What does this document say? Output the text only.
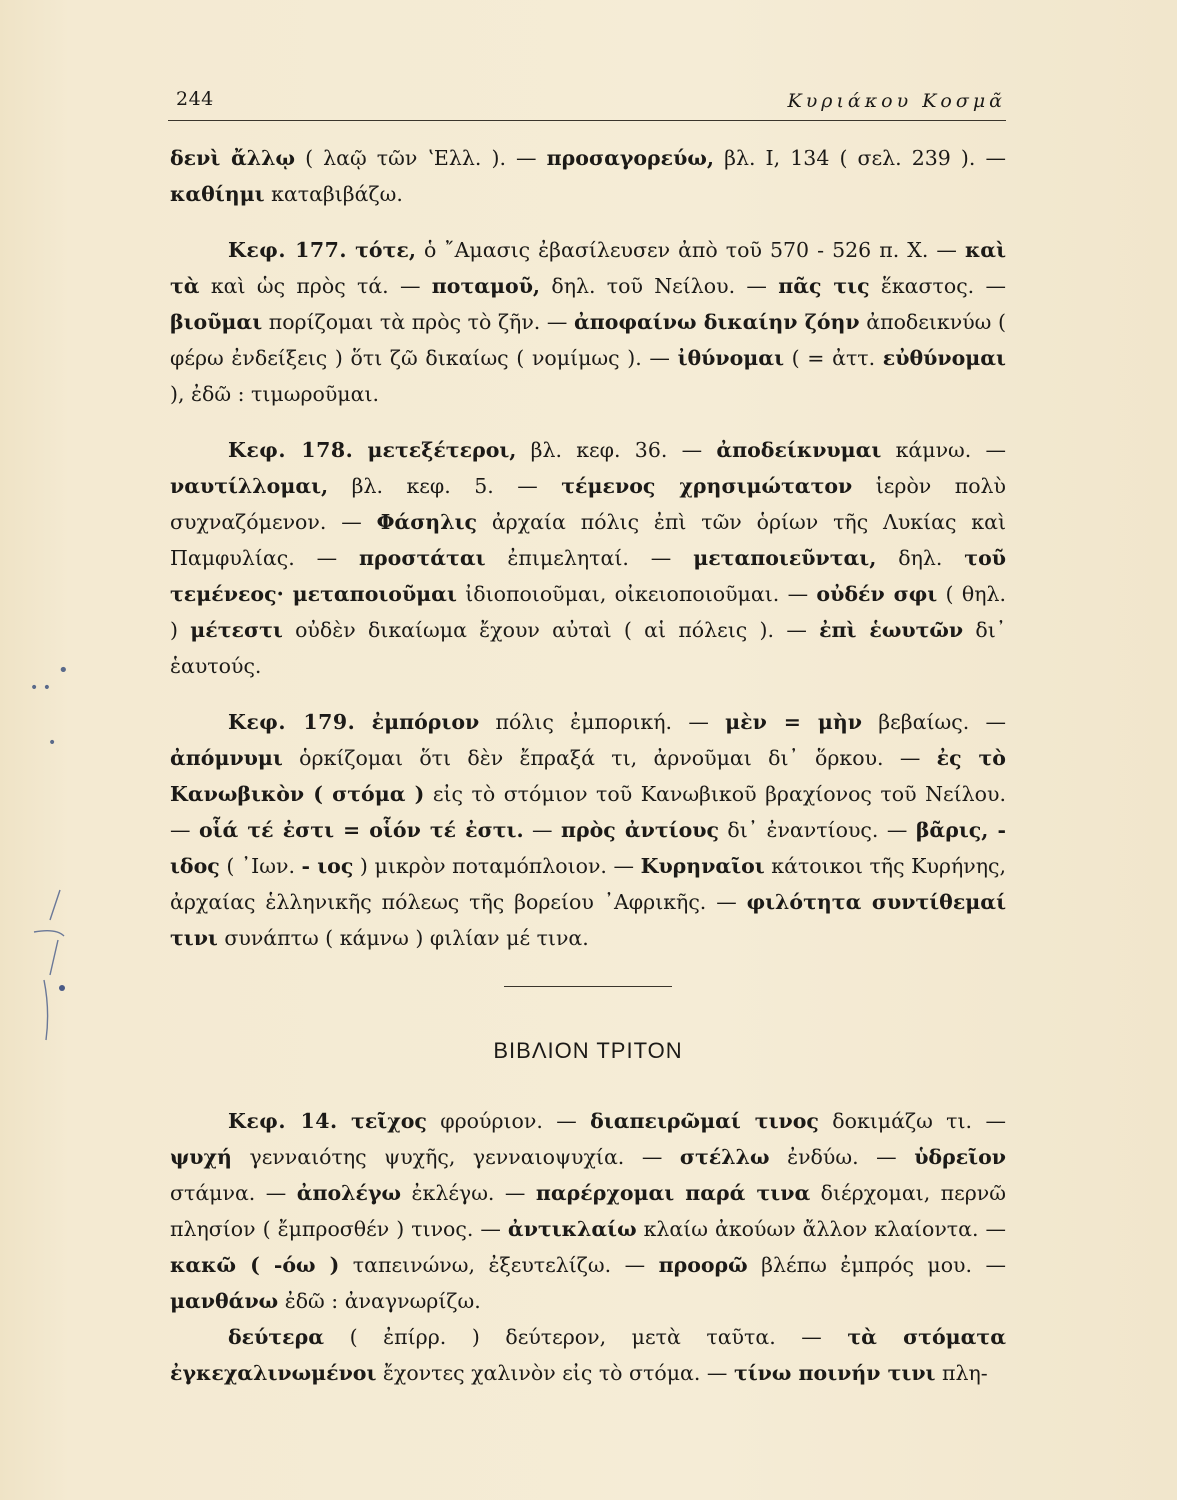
244	Κυριάκου Κοσμᾶ

δενὶ ἄλλῳ ( λαῷ τῶν ʽΕλλ. ). — προσαγορεύω, βλ. Ι, 134 ( σελ. 239 ). — καθίημι καταβιβάζω.

Κεφ. 177. τότε, ὁ ῎Αμασις ἐβασίλευσεν ἀπὸ τοῦ 570 - 526 π. Χ. — καὶ τὰ καὶ ὡς πρὸς τά. — ποταμοῦ, δηλ. τοῦ Νείλου. — πᾶς τις ἕκαστος. — βιοῦμαι πορίζομαι τὰ πρὸς τὸ ζῆν. — ἀποφαίνω δικαίην ζόην ἀποδεικνύω ( φέρω ἐνδείξεις ) ὅτι ζῶ δικαίως ( νομίμως ). — ἰθύνομαι ( = ἀττ. εὐθύνομαι ), ἐδῶ : τιμωροῦμαι.

Κεφ. 178. μετεξέτεροι, βλ. κεφ. 36. — ἀποδείκνυμαι κάμνω. — ναυτίλλομαι, βλ. κεφ. 5. — τέμενος χρησιμώτατον ἱερὸν πολὺ συχναζόμενον. — Φάσηλις ἀρχαία πόλις ἐπὶ τῶν ὁρίων τῆς Λυκίας καὶ Παμφυλίας. — προστάται ἐπιμεληταί. — μεταποιεῦνται, δηλ. τοῦ τεμένεος· μεταποιοῦμαι ἰδιοποιοῦμαι, οἰκειοποιοῦμαι. — οὐδέν σφι ( θηλ. ) μέτεστι οὐδὲν δικαίωμα ἔχουν αὐταὶ ( αἱ πόλεις ). — ἐπὶ ἑωυτῶν δι᾽ ἑαυτούς.

Κεφ. 179. ἐμπόριον πόλις ἐμπορική. — μὲν = μὴν βεβαίως. — ἀπόμνυμι ὁρκίζομαι ὅτι δὲν ἔπραξά τι, ἀρνοῦμαι δι᾽ ὅρκου. — ἐς τὸ Κανωβικὸν ( στόμα ) εἰς τὸ στόμιον τοῦ Κανωβικοῦ βραχίονος τοῦ Νείλου. — οἷά τέ ἐστι = οἷόν τέ ἐστι. — πρὸς ἀντίους δι᾽ ἐναντίους. — βᾶρις, - ιδος ( ᾽Ιων. - ιος ) μικρὸν ποταμόπλοιον. — Κυρηναῖοι κάτοικοι τῆς Κυρήνης, ἀρχαίας ἑλληνικῆς πόλεως τῆς βορείου ᾽Αφρικῆς. — φιλότητα συντίθεμαί τινι συνάπτω ( κάμνω ) φιλίαν μέ τινα.

ΒΙΒΛΙΟΝ ΤΡΙΤΟΝ

Κεφ. 14. τεῖχος φρούριον. — διαπειρῶμαί τινος δοκιμάζω τι. — ψυχή γενναιότης ψυχῆς, γενναιοψυχία. — στέλλω ἐνδύω. — ὑδρεῖον στάμνα. — ἀπολέγω ἐκλέγω. — παρέρχομαι παρά τινα διέρχομαι, περνῶ πλησίον ( ἔμπροσθέν ) τινος. — ἀντικλαίω κλαίω ἀκούων ἄλλον κλαίοντα. — κακῶ ( -όω ) ταπεινώνω, ἐξευτελίζω. — προορῶ βλέπω ἐμπρός μου. — μανθάνω ἐδῶ : ἀναγνωρίζω.

δεύτερα ( ἐπίρρ. ) δεύτερον, μετὰ ταῦτα. — τὰ στόματα ἐγκεχαλινωμένοι ἔχοντες χαλινὸν εἰς τὸ στόμα. — τίνω ποινήν τινι πλη-

•
• •
•
